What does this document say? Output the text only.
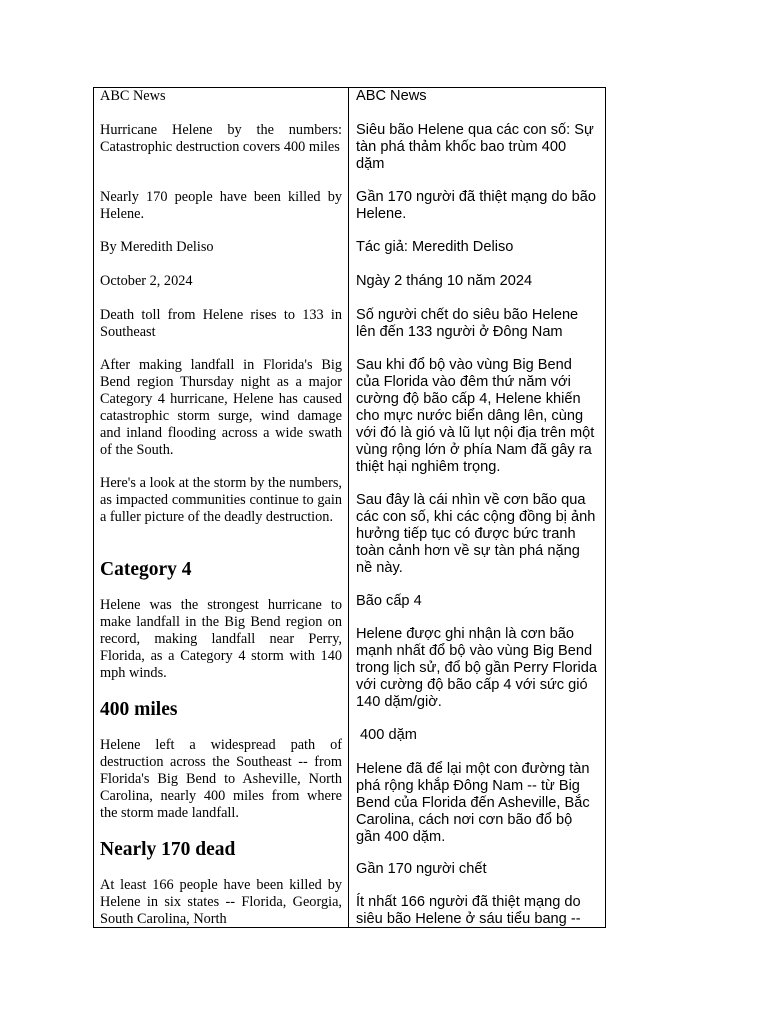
ABC News

Hurricane Helene by the numbers: Catastrophic destruction covers 400 miles

Nearly 170 people have been killed by Helene.

By Meredith Deliso

October 2, 2024

Death toll from Helene rises to 133 in Southeast

After making landfall in Florida's Big Bend region Thursday night as a major Category 4 hurricane, Helene has caused catastrophic storm surge, wind damage and inland flooding across a wide swath of the South.

Here's a look at the storm by the numbers, as impacted communities continue to gain a fuller picture of the deadly destruction.

Category 4

Helene was the strongest hurricane to make landfall in the Big Bend region on record, making landfall near Perry, Florida, as a Category 4 storm with 140 mph winds.

400 miles

Helene left a widespread path of destruction across the Southeast -- from Florida's Big Bend to Asheville, North Carolina, nearly 400 miles from where the storm made landfall.

Nearly 170 dead

At least 166 people have been killed by Helene in six states -- Florida, Georgia, South Carolina, North

ABC News

Siêu bão Helene qua các con số: Sự tàn phá thảm khốc bao trùm 400 dặm

Gần 170 người đã thiệt mạng do bão Helene.

Tác giả: Meredith Deliso

Ngày 2 tháng 10 năm 2024

Số người chết do siêu bão Helene lên đến 133 người ở Đông Nam

Sau khi đổ bộ vào vùng Big Bend của Florida vào đêm thứ năm với cường độ bão cấp 4, Helene khiến cho mực nước biển dâng lên, cùng với đó là gió và lũ lụt nội địa trên một vùng rộng lớn ở phía Nam đã gây ra thiệt hại nghiêm trọng.

Sau đây là cái nhìn về cơn bão qua các con số, khi các cộng đồng bị ảnh hưởng tiếp tục có được bức tranh toàn cảnh hơn về sự tàn phá nặng nề này.

Bão cấp 4

Helene được ghi nhận là cơn bão mạnh nhất đổ bộ vào vùng Big Bend trong lịch sử, đổ bộ gần Perry Florida với cường độ bão cấp 4 với sức gió 140 dặm/giờ.

400 dặm

Helene đã để lại một con đường tàn phá rộng khắp Đông Nam -- từ Big Bend của Florida đến Asheville, Bắc Carolina, cách nơi cơn bão đổ bộ gần 400 dặm.

Gần 170 người chết

Ít nhất 166 người đã thiệt mạng do siêu bão Helene ở sáu tiểu bang --
